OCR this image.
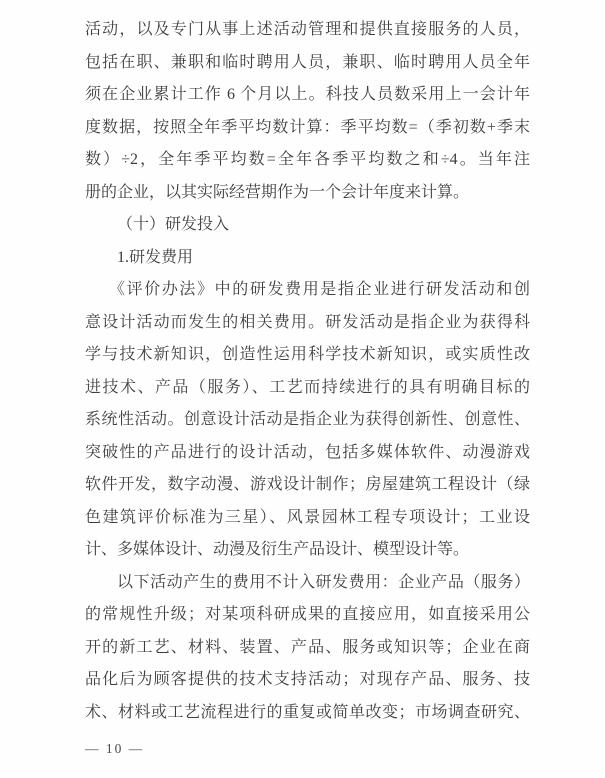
活动，以及专门从事上述活动管理和提供直接服务的人员，
包括在职、兼职和临时聘用人员，兼职、临时聘用人员全年
须在企业累计工作 6 个月以上。科技人员数采用上一会计年
度数据，按照全年季平均数计算：季平均数=（季初数+季末
数）÷2，全年季平均数=全年各季平均数之和÷4。当年注
册的企业，以其实际经营期作为一个会计年度来计算。
（十）研发投入
1.研发费用
《评价办法》中的研发费用是指企业进行研发活动和创
意设计活动而发生的相关费用。研发活动是指企业为获得科
学与技术新知识，创造性运用科学技术新知识，或实质性改
进技术、产品（服务）、工艺而持续进行的具有明确目标的
系统性活动。创意设计活动是指企业为获得创新性、创意性、
突破性的产品进行的设计活动，包括多媒体软件、动漫游戏
软件开发，数字动漫、游戏设计制作；房屋建筑工程设计（绿
色建筑评价标准为三星）、风景园林工程专项设计；工业设
计、多媒体设计、动漫及衍生产品设计、模型设计等。
以下活动产生的费用不计入研发费用：企业产品（服务）
的常规性升级；对某项科研成果的直接应用，如直接采用公
开的新工艺、材料、装置、产品、服务或知识等；企业在商
品化后为顾客提供的技术支持活动；对现存产品、服务、技
术、材料或工艺流程进行的重复或简单改变；市场调查研究、
— 10 —
